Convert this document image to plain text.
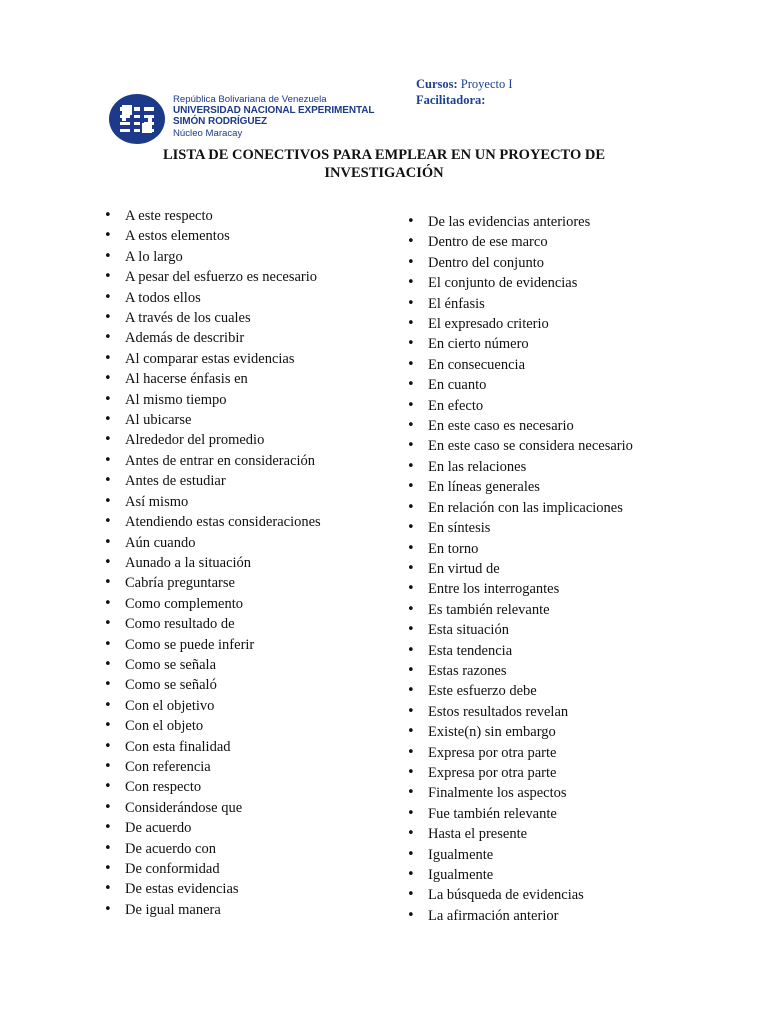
República Bolivariana de Venezuela
UNIVERSIDAD NACIONAL EXPERIMENTAL
SIMÓN RODRÍGUEZ
Núcleo Maracay
Cursos: Proyecto I
Facilitadora:
LISTA DE CONECTIVOS PARA EMPLEAR EN UN PROYECTO DE
INVESTIGACIÓN
• A este respecto
• A estos elementos
• A lo largo
• A pesar del esfuerzo es necesario
• A todos ellos
• A través de los cuales
• Además de describir
• Al comparar estas evidencias
• Al hacerse énfasis en
• Al mismo tiempo
• Al ubicarse
• Alrededor del promedio
• Antes de entrar en consideración
• Antes de estudiar
• Así mismo
• Atendiendo estas consideraciones
• Aún cuando
• Aunado a la situación
• Cabría preguntarse
• Como complemento
• Como resultado de
• Como se puede inferir
• Como se señala
• Como se señaló
• Con el objetivo
• Con el objeto
• Con esta finalidad
• Con referencia
• Con respecto
• Considerándose que
• De acuerdo
• De acuerdo con
• De conformidad
• De estas evidencias
• De igual manera
• De las evidencias anteriores
• Dentro de ese marco
• Dentro del conjunto
• El conjunto de evidencias
• El énfasis
• El expresado criterio
• En cierto número
• En consecuencia
• En cuanto
• En efecto
• En este caso es necesario
• En este caso se considera necesario
• En las relaciones
• En líneas generales
• En relación con las implicaciones
• En síntesis
• En torno
• En virtud de
• Entre los interrogantes
• Es también relevante
• Esta situación
• Esta tendencia
• Estas razones
• Este esfuerzo debe
• Estos resultados revelan
• Existe(n) sin embargo
• Expresa por otra parte
• Expresa por otra parte
• Finalmente los aspectos
• Fue también relevante
• Hasta el presente
• Igualmente
• Igualmente
• La búsqueda de evidencias
• La afirmación anterior
